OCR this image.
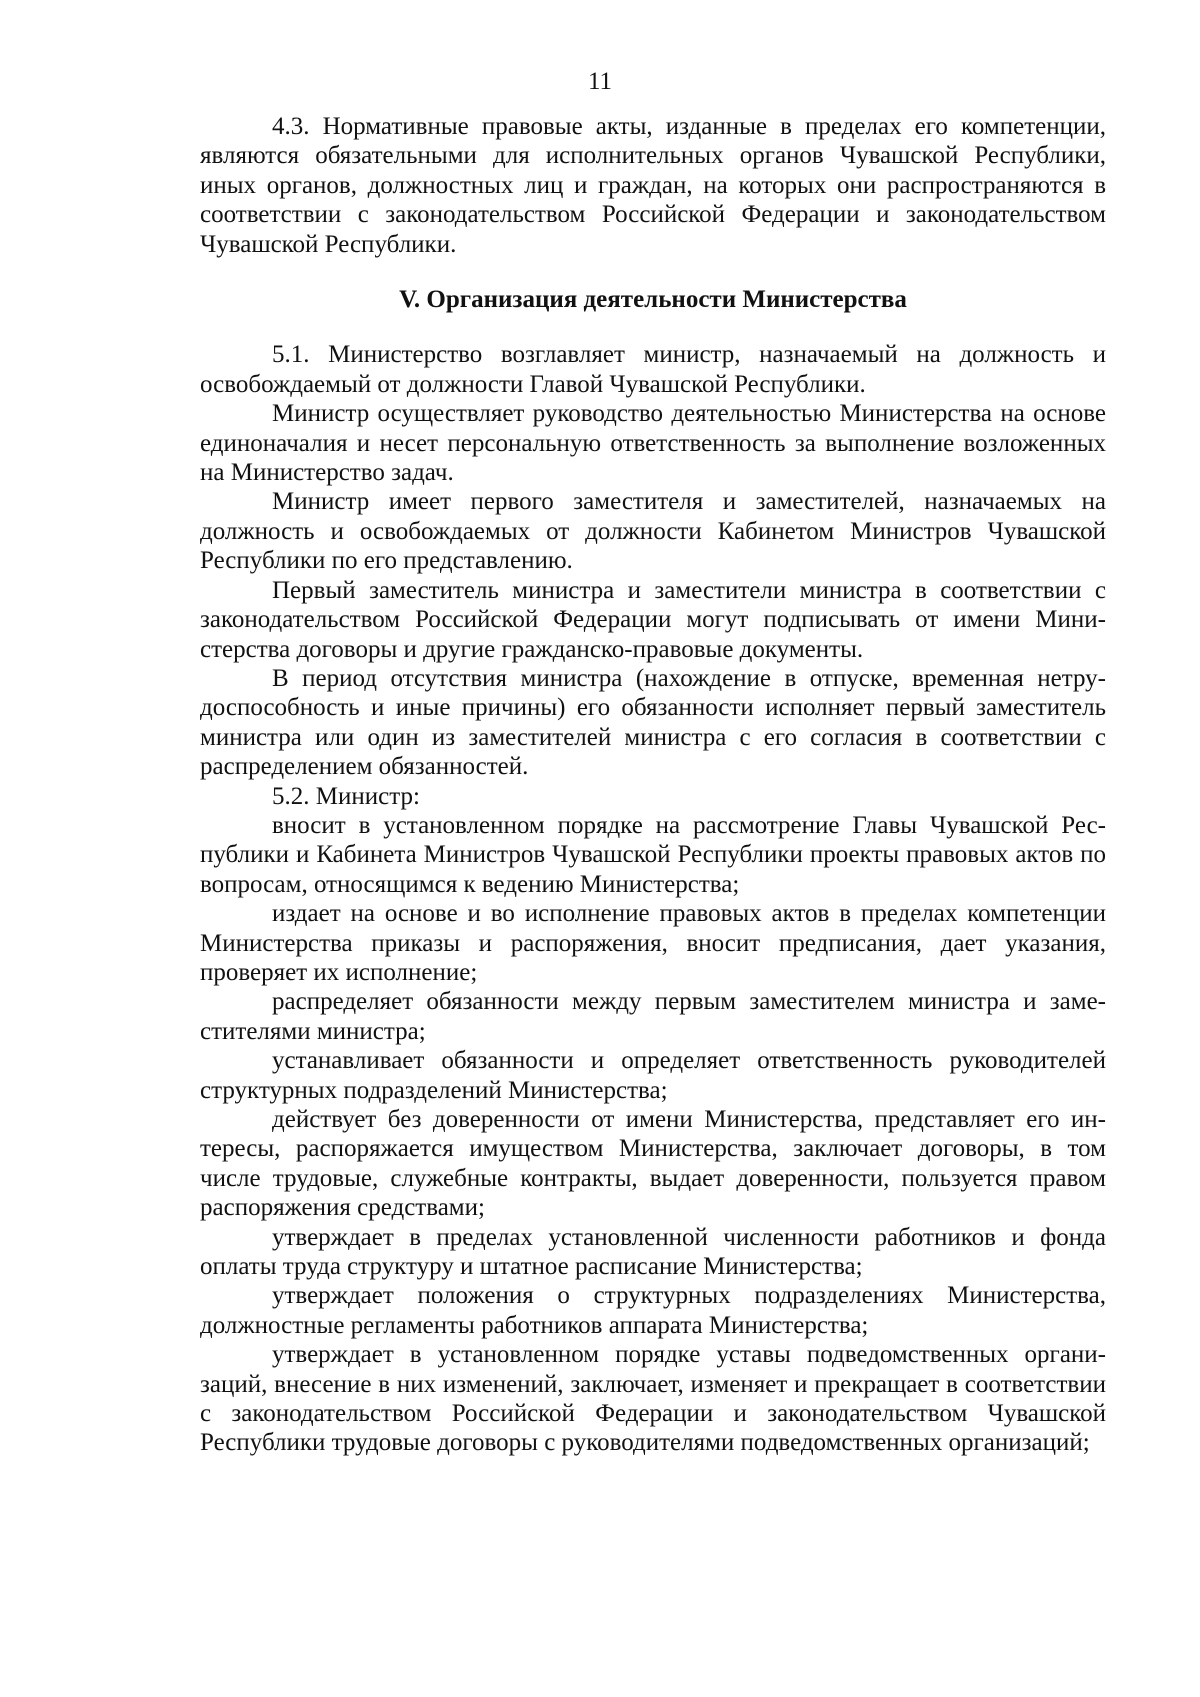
11

4.3. Нормативные правовые акты, изданные в пределах его компетенции, являются обязательными для исполнительных органов Чувашской Республики, иных органов, должностных лиц и граждан, на которых они распространяются в соответствии с законодательством Российской Федерации и законодательством Чувашской Республики.

V. Организация деятельности Министерства

5.1. Министерство возглавляет министр, назначаемый на должность и освобождаемый от должности Главой Чувашской Республики.

Министр осуществляет руководство деятельностью Министерства на основе единоначалия и несет персональную ответственность за выполнение возложенных на Министерство задач.

Министр имеет первого заместителя и заместителей, назначаемых на должность и освобождаемых от должности Кабинетом Министров Чувашской Республики по его представлению.

Первый заместитель министра и заместители министра в соответствии с законодательством Российской Федерации могут подписывать от имени Министерства договоры и другие гражданско-правовые документы.

В период отсутствия министра (нахождение в отпуске, временная нетрудоспособность и иные причины) его обязанности исполняет первый заместитель министра или один из заместителей министра с его согласия в соответствии с распределением обязанностей.

5.2. Министр:

вносит в установленном порядке на рассмотрение Главы Чувашской Республики и Кабинета Министров Чувашской Республики проекты правовых актов по вопросам, относящимся к ведению Министерства;

издает на основе и во исполнение правовых актов в пределах компетенции Министерства приказы и распоряжения, вносит предписания, дает указания, проверяет их исполнение;

распределяет обязанности между первым заместителем министра и заместителями министра;

устанавливает обязанности и определяет ответственность руководителей структурных подразделений Министерства;

действует без доверенности от имени Министерства, представляет его интересы, распоряжается имуществом Министерства, заключает договоры, в том числе трудовые, служебные контракты, выдает доверенности, пользуется правом распоряжения средствами;

утверждает в пределах установленной численности работников и фонда оплаты труда структуру и штатное расписание Министерства;

утверждает положения о структурных подразделениях Министерства, должностные регламенты работников аппарата Министерства;

утверждает в установленном порядке уставы подведомственных организаций, внесение в них изменений, заключает, изменяет и прекращает в соответствии с законодательством Российской Федерации и законодательством Чувашской Республики трудовые договоры с руководителями подведомственных организаций;
